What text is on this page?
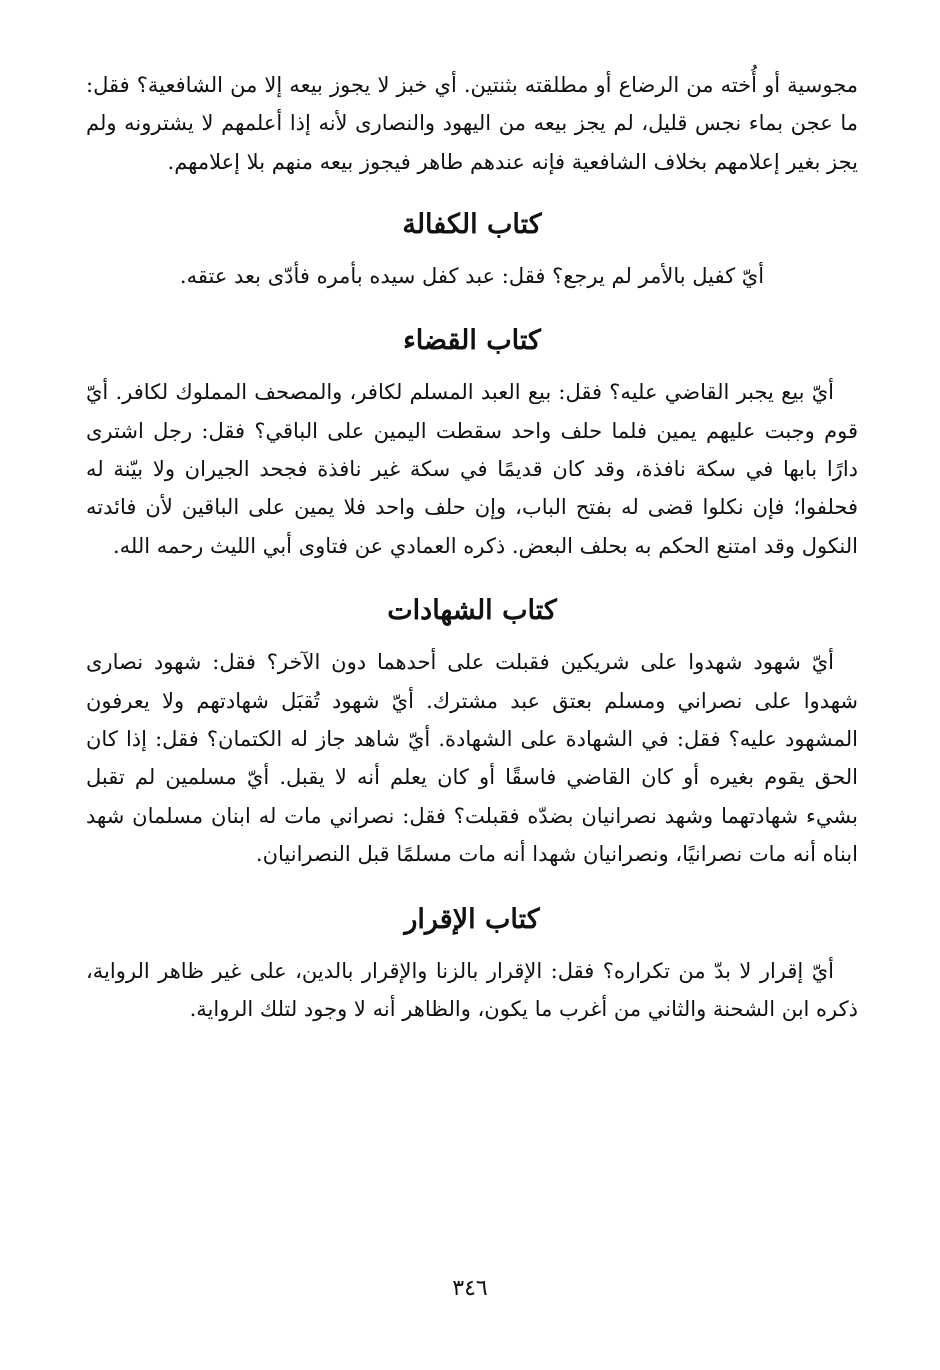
مجوسية أو أُخته من الرضاع أو مطلقته بثنتين. أي خبز لا يجوز بيعه إلا من الشافعية؟ فقل: ما عجن بماء نجس قليل، لم يجز بيعه من اليهود والنصارى لأنه إذا أعلمهم لا يشترونه ولم يجز بغير إعلامهم بخلاف الشافعية فإنه عندهم طاهر فيجوز بيعه منهم بلا إعلامهم.

كتاب الكفالة

أيّ كفيل بالأمر لم يرجع؟ فقل: عبد كفل سيده بأمره فأدّى بعد عتقه.

كتاب القضاء

أيّ بيع يجبر القاضي عليه؟ فقل: بيع العبد المسلم لكافر، والمصحف المملوك لكافر. أيّ قوم وجبت عليهم يمين فلما حلف واحد سقطت اليمين على الباقي؟ فقل: رجل اشترى دارًا بابها في سكة نافذة، وقد كان قديمًا في سكة غير نافذة فجحد الجيران ولا بيّنة له فحلفوا؛ فإن نكلوا قضى له بفتح الباب، وإن حلف واحد فلا يمين على الباقين لأن فائدته النكول وقد امتنع الحكم به بحلف البعض. ذكره العمادي عن فتاوى أبي الليث رحمه الله.

كتاب الشهادات

أيّ شهود شهدوا على شريكين فقبلت على أحدهما دون الآخر؟ فقل: شهود نصارى شهدوا على نصراني ومسلم بعتق عبد مشترك. أيّ شهود تُقبَل شهادتهم ولا يعرفون المشهود عليه؟ فقل: في الشهادة على الشهادة. أيّ شاهد جاز له الكتمان؟ فقل: إذا كان الحق يقوم بغيره أو كان القاضي فاسقًا أو كان يعلم أنه لا يقبل. أيّ مسلمين لم تقبل بشيء شهادتهما وشهد نصرانيان بضدّه فقبلت؟ فقل: نصراني مات له ابنان مسلمان شهد ابناه أنه مات نصرانيًا، ونصرانيان شهدا أنه مات مسلمًا قبل النصرانيان.

كتاب الإقرار

أيّ إقرار لا بدّ من تكراره؟ فقل: الإقرار بالزنا والإقرار بالدين، على غير ظاهر الرواية، ذكره ابن الشحنة والثاني من أغرب ما يكون، والظاهر أنه لا وجود لتلك الرواية.

٣٤٦
